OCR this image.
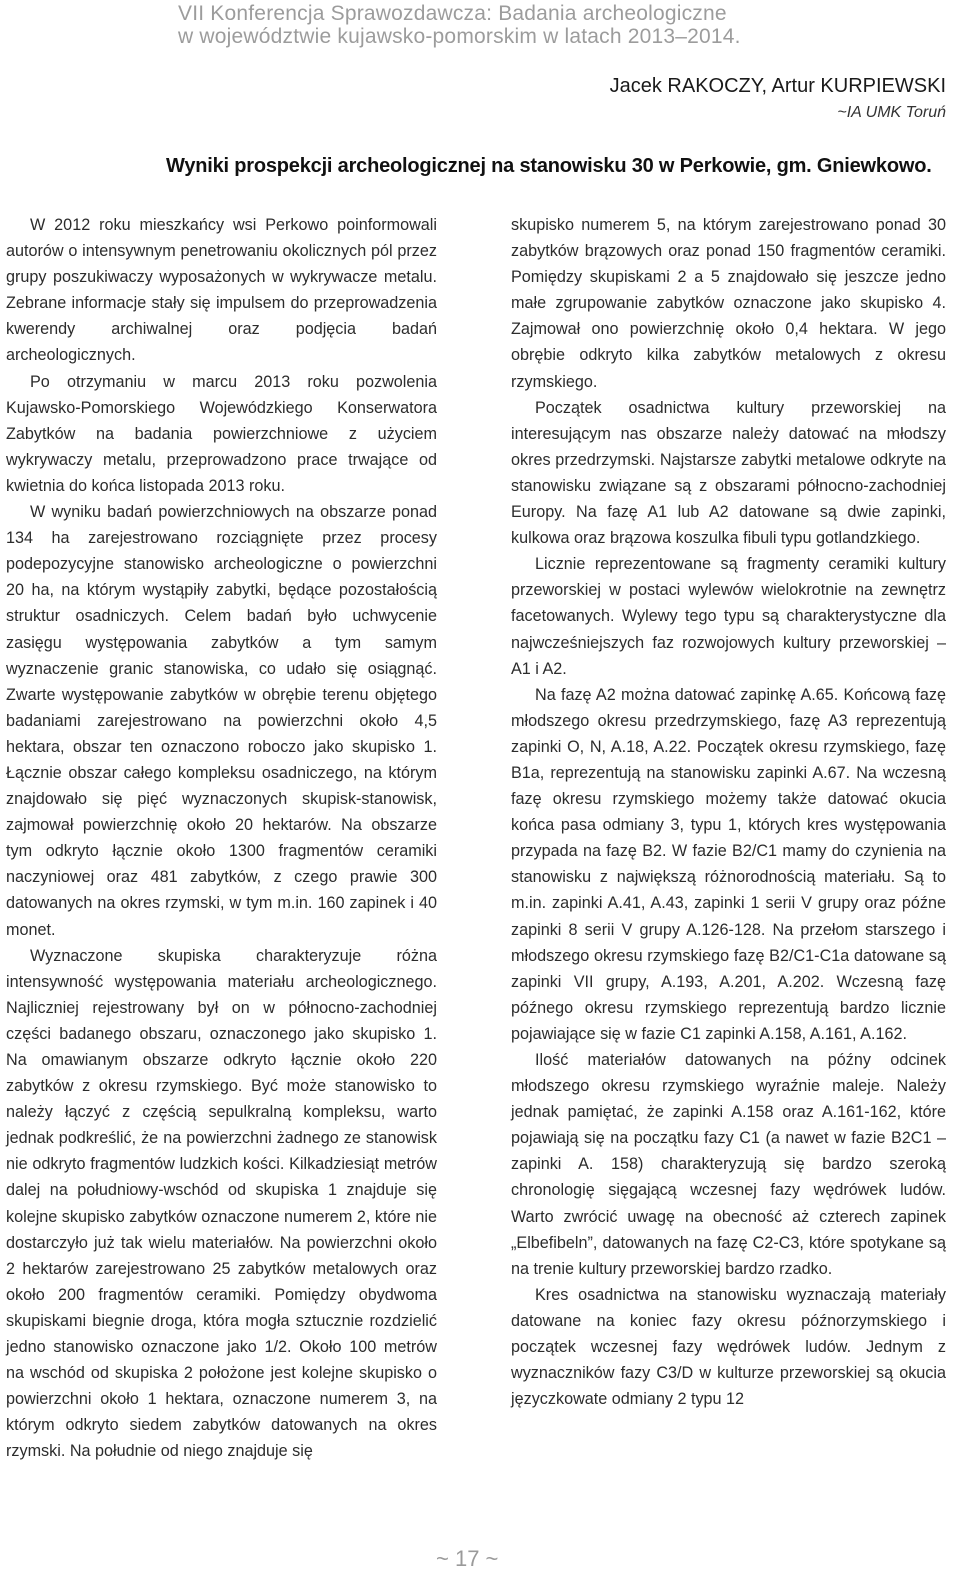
VII Konferencja Sprawozdawcza: Badania archeologiczne
w województwie kujawsko-pomorskim w latach 2013–2014.
Jacek RAKOCZY, Artur KURPIEWSKI
~IA UMK Toruń
Wyniki prospekcji archeologicznej na stanowisku 30 w Perkowie, gm. Gniewkowo.

W 2012 roku mieszkańcy wsi Perkowo poinformowali autorów o intensywnym penetrowaniu okolicznych pól przez grupy poszukiwaczy wyposażonych w wykrywacze metalu. Zebrane informacje stały się impulsem do przeprowadzenia kwerendy archiwalnej oraz podjęcia badań archeologicznych.

Po otrzymaniu w marcu 2013 roku pozwolenia Kujawsko-Pomorskiego Wojewódzkiego Konserwatora Zabytków na badania powierzchniowe z użyciem wykrywaczy metalu, przeprowadzono prace trwające od kwietnia do końca listopada 2013 roku.

W wyniku badań powierzchniowych na obszarze ponad 134 ha zarejestrowano rozciągnięte przez procesy podepozycyjne stanowisko archeologiczne o powierzchni 20 ha, na którym wystąpiły zabytki, będące pozostałością struktur osadniczych. Celem badań było uchwycenie zasięgu występowania zabytków a tym samym wyznaczenie granic stanowiska, co udało się osiągnąć. Zwarte występowanie zabytków w obrębie terenu objętego badaniami zarejestrowano na powierzchni około 4,5 hektara, obszar ten oznaczono roboczo jako skupisko 1. Łącznie obszar całego kompleksu osadniczego, na którym znajdowało się pięć wyznaczonych skupisk-stanowisk, zajmował powierzchnię około 20 hektarów. Na obszarze tym odkryto łącznie około 1300 fragmentów ceramiki naczyniowej oraz 481 zabytków, z czego prawie 300 datowanych na okres rzymski, w tym m.in. 160 zapinek i 40 monet.

Wyznaczone skupiska charakteryzuje różna intensywność występowania materiału archeologicznego. Najliczniej rejestrowany był on w północno-zachodniej części badanego obszaru, oznaczonego jako skupisko 1. Na omawianym obszarze odkryto łącznie około 220 zabytków z okresu rzymskiego. Być może stanowisko to należy łączyć z częścią sepulkralną kompleksu, warto jednak podkreślić, że na powierzchni żadnego ze stanowisk nie odkryto fragmentów ludzkich kości. Kilkadziesiąt metrów dalej na południowy-wschód od skupiska 1 znajduje się kolejne skupisko zabytków oznaczone numerem 2, które nie dostarczyło już tak wielu materiałów. Na powierzchni około 2 hektarów zarejestrowano 25 zabytków metalowych oraz około 200 fragmentów ceramiki. Pomiędzy obydwoma skupiskami biegnie droga, która mogła sztucznie rozdzielić jedno stanowisko oznaczone jako 1/2. Około 100 metrów na wschód od skupiska 2 położone jest kolejne skupisko o powierzchni około 1 hektara, oznaczone numerem 3, na którym odkryto siedem zabytków datowanych na okres rzymski. Na południe od niego znajduje się

skupisko numerem 5, na którym zarejestrowano ponad 30 zabytków brązowych oraz ponad 150 fragmentów ceramiki. Pomiędzy skupiskami 2 a 5 znajdowało się jeszcze jedno małe zgrupowanie zabytków oznaczone jako skupisko 4. Zajmował ono powierzchnię około 0,4 hektara. W jego obrębie odkryto kilka zabytków metalowych z okresu rzymskiego.

Początek osadnictwa kultury przeworskiej na interesującym nas obszarze należy datować na młodszy okres przedrzymski. Najstarsze zabytki metalowe odkryte na stanowisku związane są z obszarami północno-zachodniej Europy. Na fazę A1 lub A2 datowane są dwie zapinki, kulkowa oraz brązowa koszulka fibuli typu gotlandzkiego.

Licznie reprezentowane są fragmenty ceramiki kultury przeworskiej w postaci wylewów wielokrotnie na zewnętrz facetowanych. Wylewy tego typu są charakterystyczne dla najwcześniejszych faz rozwojowych kultury przeworskiej – A1 i A2.

Na fazę A2 można datować zapinkę A.65. Końcową fazę młodszego okresu przedrzymskiego, fazę A3 reprezentują zapinki O, N, A.18, A.22. Początek okresu rzymskiego, fazę B1a, reprezentują na stanowisku zapinki A.67. Na wczesną fazę okresu rzymskiego możemy także datować okucia końca pasa odmiany 3, typu 1, których kres występowania przypada na fazę B2. W fazie B2/C1 mamy do czynienia na stanowisku z największą różnorodnością materiału. Są to m.in. zapinki A.41, A.43, zapinki 1 serii V grupy oraz późne zapinki 8 serii V grupy A.126-128. Na przełom starszego i młodszego okresu rzymskiego fazę B2/C1-C1a datowane są zapinki VII grupy, A.193, A.201, A.202. Wczesną fazę późnego okresu rzymskiego reprezentują bardzo licznie pojawiające się w fazie C1 zapinki A.158, A.161, A.162.

Ilość materiałów datowanych na późny odcinek młodszego okresu rzymskiego wyraźnie maleje. Należy jednak pamiętać, że zapinki A.158 oraz A.161-162, które pojawiają się na początku fazy C1 (a nawet w fazie B2C1 – zapinki A. 158) charakteryzują się bardzo szeroką chronologię sięgającą wczesnej fazy wędrówek ludów. Warto zwrócić uwagę na obecność aż czterech zapinek „Elbefibeln”, datowanych na fazę C2-C3, które spotykane są na trenie kultury przeworskiej bardzo rzadko.

Kres osadnictwa na stanowisku wyznaczają materiały datowane na koniec fazy okresu późnorzymskiego i początek wczesnej fazy wędrówek ludów. Jednym z wyznaczników fazy C3/D w kulturze przeworskiej są okucia języczkowate odmiany 2 typu 12

~ 17 ~
